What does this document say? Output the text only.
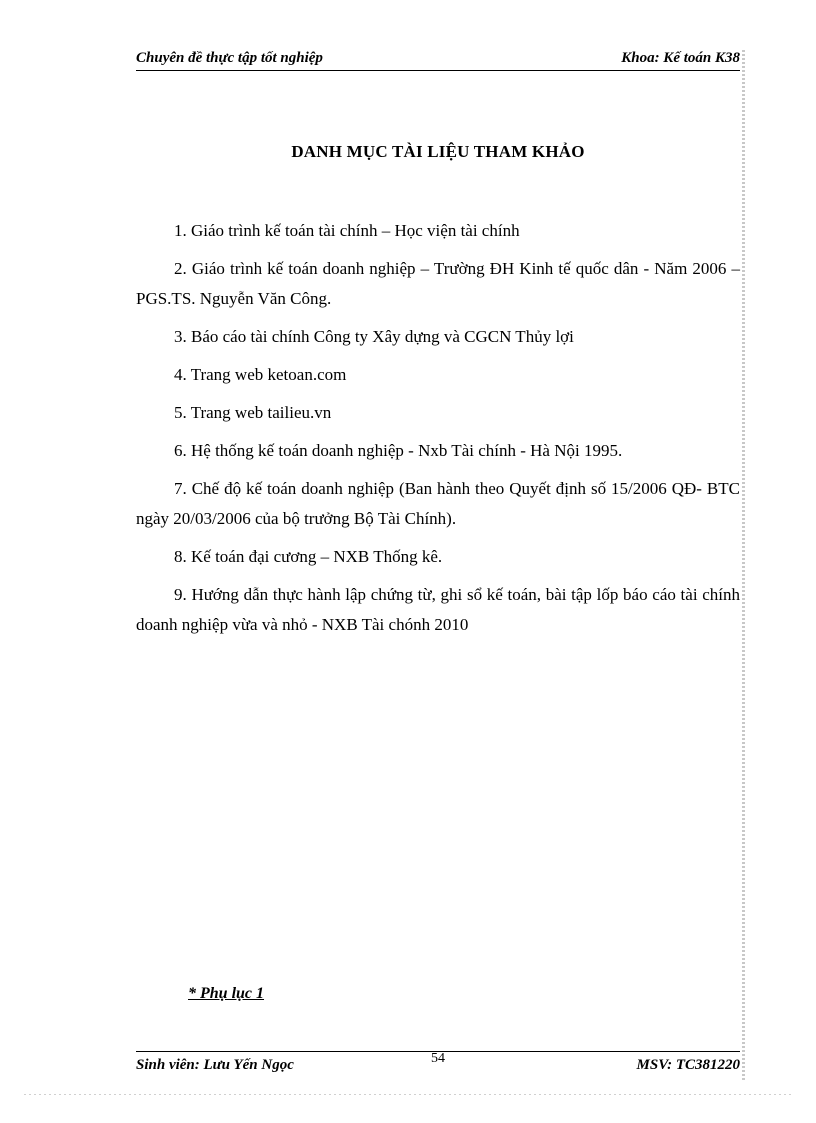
Chuyên đề thực tập tốt nghiệp	Khoa: Kế toán K38
DANH MỤC TÀI LIỆU THAM KHẢO

1. Giáo trình kế toán tài chính – Học viện tài chính

2. Giáo trình kế toán doanh nghiệp – Trường ĐH Kinh tế quốc dân - Năm 2006 – PGS.TS. Nguyễn Văn Công.

3. Báo cáo tài chính Công ty Xây dựng và CGCN Thủy lợi

4. Trang web ketoan.com

5. Trang web tailieu.vn

6. Hệ thống kế toán doanh nghiệp - Nxb Tài chính - Hà Nội 1995.

7. Chế độ kế toán doanh nghiệp (Ban hành theo Quyết định số 15/2006 QĐ- BTC ngày 20/03/2006 của bộ trưởng Bộ Tài Chính).

8. Kế toán đại cương – NXB Thống kê.

9. Hướng dẫn thực hành lập chứng từ, ghi sổ kế toán, bài tập lốp báo cáo tài chính doanh nghiệp vừa và nhỏ - NXB Tài chónh 2010

* Phụ lục 1
Sinh viên: Lưu Yến Ngọc	54	MSV: TC381220
